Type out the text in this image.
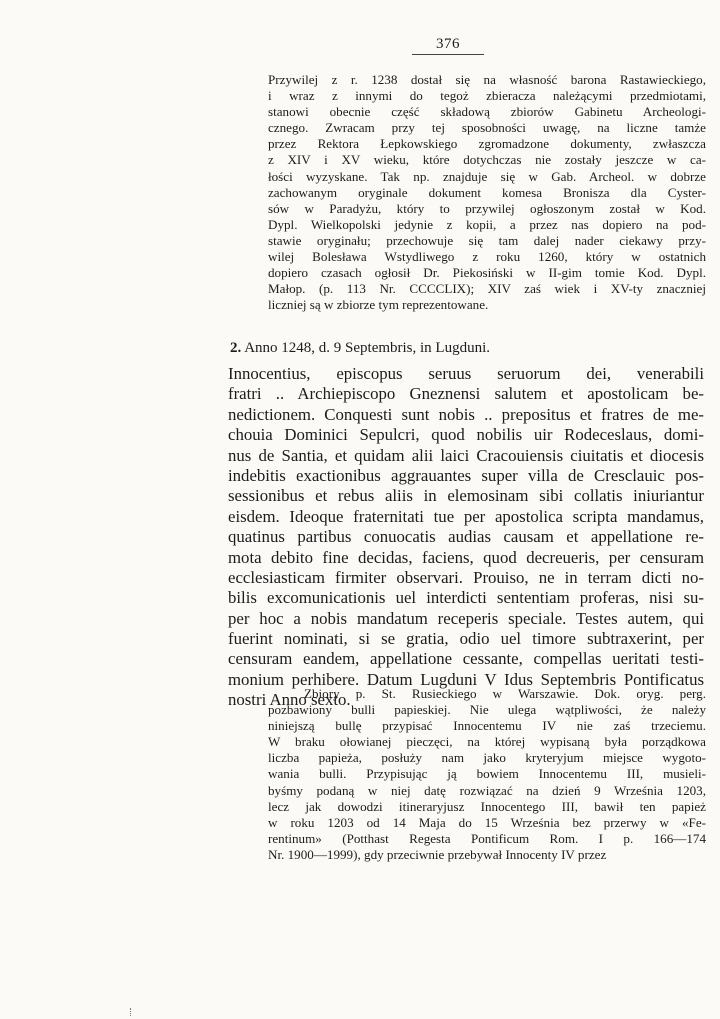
376
Przywilej z r. 1238 dostał się na własność barona Rastawieckiego,
i wraz z innymi do tegoż zbieracza należącymi przedmiotami,
stanowi obecnie część składową zbiorów Gabinetu Archeologi-
cznego. Zwracam przy tej sposobności uwagę, na liczne tamże
przez Rektora Łepkowskiego zgromadzone dokumenty, zwłaszcza
z XIV i XV wieku, które dotychczas nie zostały jeszcze w ca-
łości wyzyskane. Tak np. znajduje się w Gab. Archeol. w dobrze
zachowanym oryginale dokument komesa Bronisza dla Cyster-
sów w Paradyżu, który to przywilej ogłoszonym został w Kod.
Dypl. Wielkopolski jedynie z kopii, a przez nas dopiero na pod-
stawie oryginału; przechowuje się tam dalej nader ciekawy przy-
wilej Bolesława Wstydliwego z roku 1260, który w ostatnich
dopiero czasach ogłosił Dr. Piekosiński w II-gim tomie Kod. Dypl.
Małop. (p. 113 Nr. CCCCLIX); XIV zaś wiek i XV-ty znaczniej
liczniej są w zbiorze tym reprezentowane.
2. Anno 1248, d. 9 Septembris, in Lugduni.
Innocentius, episcopus seruus seruorum dei, venerabili
fratri .. Archiepiscopo Gneznensi salutem et apostolicam be-
nedictionem. Conquesti sunt nobis .. prepositus et fratres de me-
chouia Dominici Sepulcri, quod nobilis uir Rodeceslaus, domi-
nus de Santia, et quidam alii laici Cracouiensis ciuitatis et diocesis
indebitis exactionibus aggrauantes super villa de Cresclauic pos-
sessionibus et rebus aliis in elemosinam sibi collatis iniuriantur
eisdem. Ideoque fraternitati tue per apostolica scripta mandamus,
quatinus partibus conuocatis audias causam et appellatione re-
mota debito fine decidas, faciens, quod decreueris, per censuram
ecclesiasticam firmiter observari. Prouiso, ne in terram dicti no-
bilis excomunicationis uel interdicti sententiam proferas, nisi su-
per hoc a nobis mandatum receperis speciale. Testes autem, qui
fuerint nominati, si se gratia, odio uel timore subtraxerint, per
censuram eandem, appellatione cessante, compellas ueritati testi-
monium perhibere. Datum Lugduni V Idus Septembris Pontificatus
nostri Anno sexto.
Zbiory p. St. Rusieckiego w Warszawie. Dok. oryg. perg.
pozbawiony bulli papieskiej. Nie ulega wątpliwości, że należy
niniejszą bullę przypisać Innocentemu IV nie zaś trzeciemu.
W braku ołowianej pieczęci, na której wypisaną była porządkowa
liczba papieża, posłuży nam jako kryteryjum miejsce wygoto-
wania bulli. Przypisując ją bowiem Innocentemu III, musieli-
byśmy podaną w niej datę rozwiązać na dzień 9 Września 1203,
lecz jak dowodzi itineraryjusz Innocentego III, bawił ten papież
w roku 1203 od 14 Maja do 15 Września bez przerwy w «Fe-
rentinum» (Potthast Regesta Pontificum Rom. I p. 166—174
Nr. 1900—1999), gdy przeciwnie przebywał Innocenty IV przez
